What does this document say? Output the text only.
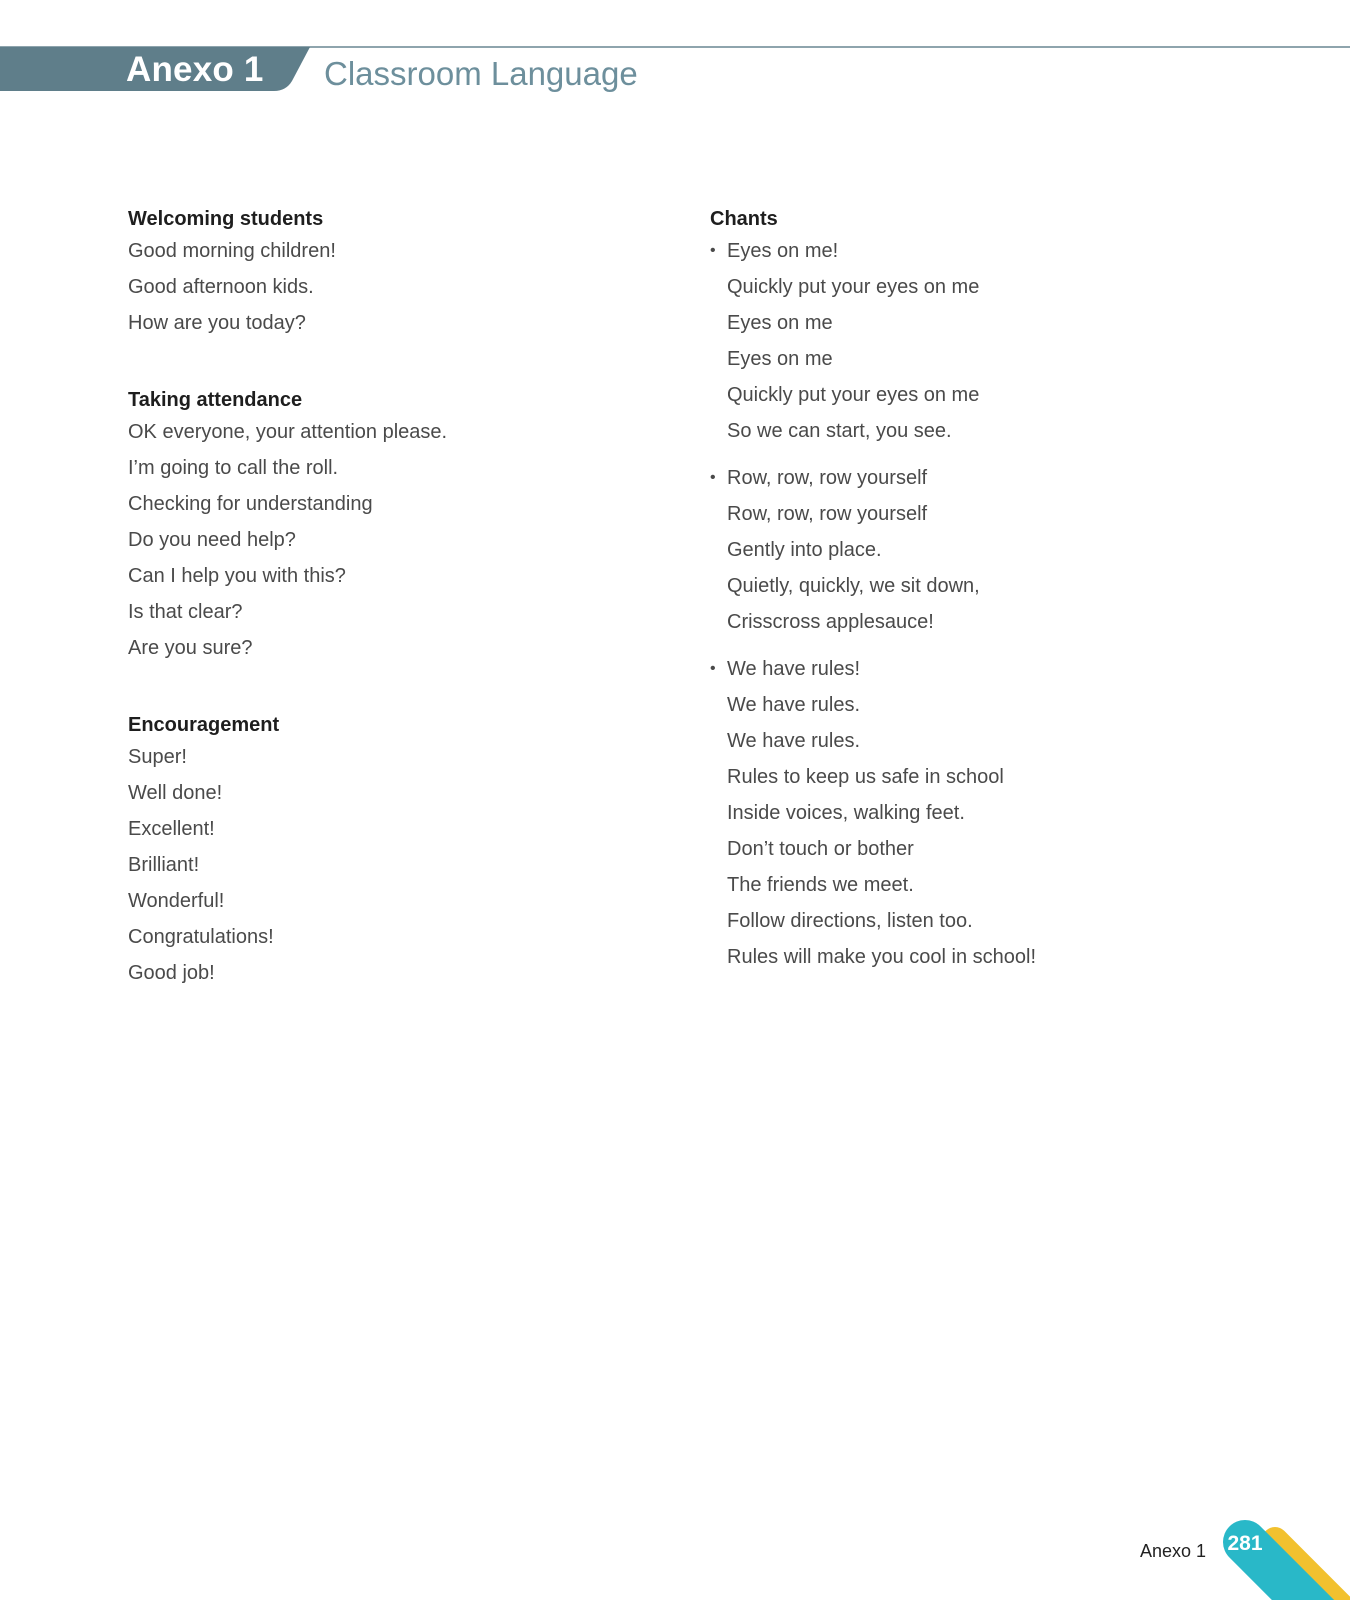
Anexo 1 Classroom Language
Welcoming students
Good morning children!
Good afternoon kids.
How are you today?
Taking attendance
OK everyone, your attention please.
I’m going to call the roll.
Checking for understanding
Do you need help?
Can I help you with this?
Is that clear?
Are you sure?
Encouragement
Super!
Well done!
Excellent!
Brilliant!
Wonderful!
Congratulations!
Good job!
Chants
• Eyes on me!
Quickly put your eyes on me
Eyes on me
Eyes on me
Quickly put your eyes on me
So we can start, you see.
• Row, row, row yourself
Row, row, row yourself
Gently into place.
Quietly, quickly, we sit down,
Crisscross applesauce!
• We have rules!
We have rules.
We have rules.
Rules to keep us safe in school
Inside voices, walking feet.
Don’t touch or bother
The friends we meet.
Follow directions, listen too.
Rules will make you cool in school!
Anexo 1 281
